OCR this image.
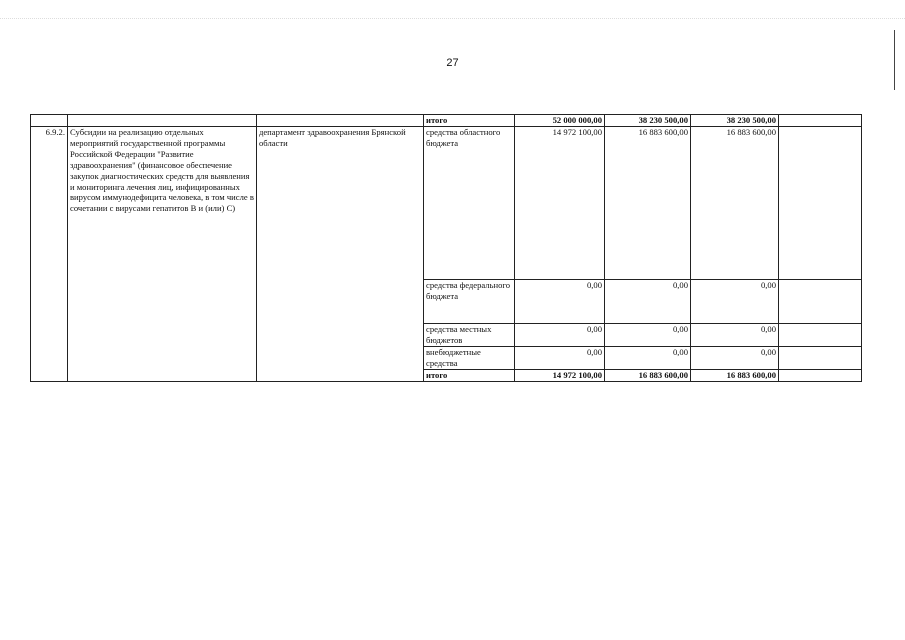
27
			итого	52 000 000,00	38 230 500,00	38 230 500,00	
6.9.2.	Субсидии на реализацию отдельных мероприятий государственной программы Российской Федерации "Развитие здравоохранения" (финансовое обеспечение закупок диагностических средств для выявления и мониторинга лечения лиц, инфицированных вирусом иммунодефицита человека, в том числе в сочетании с вирусами гепатитов В и (или) С)	департамент здравоохранения Брянской области	средства областного бюджета	14 972 100,00	16 883 600,00	16 883 600,00	
			средства федерального бюджета	0,00	0,00	0,00	
			средства местных бюджетов	0,00	0,00	0,00	
			внебюджетные средства	0,00	0,00	0,00	
			итого	14 972 100,00	16 883 600,00	16 883 600,00	
